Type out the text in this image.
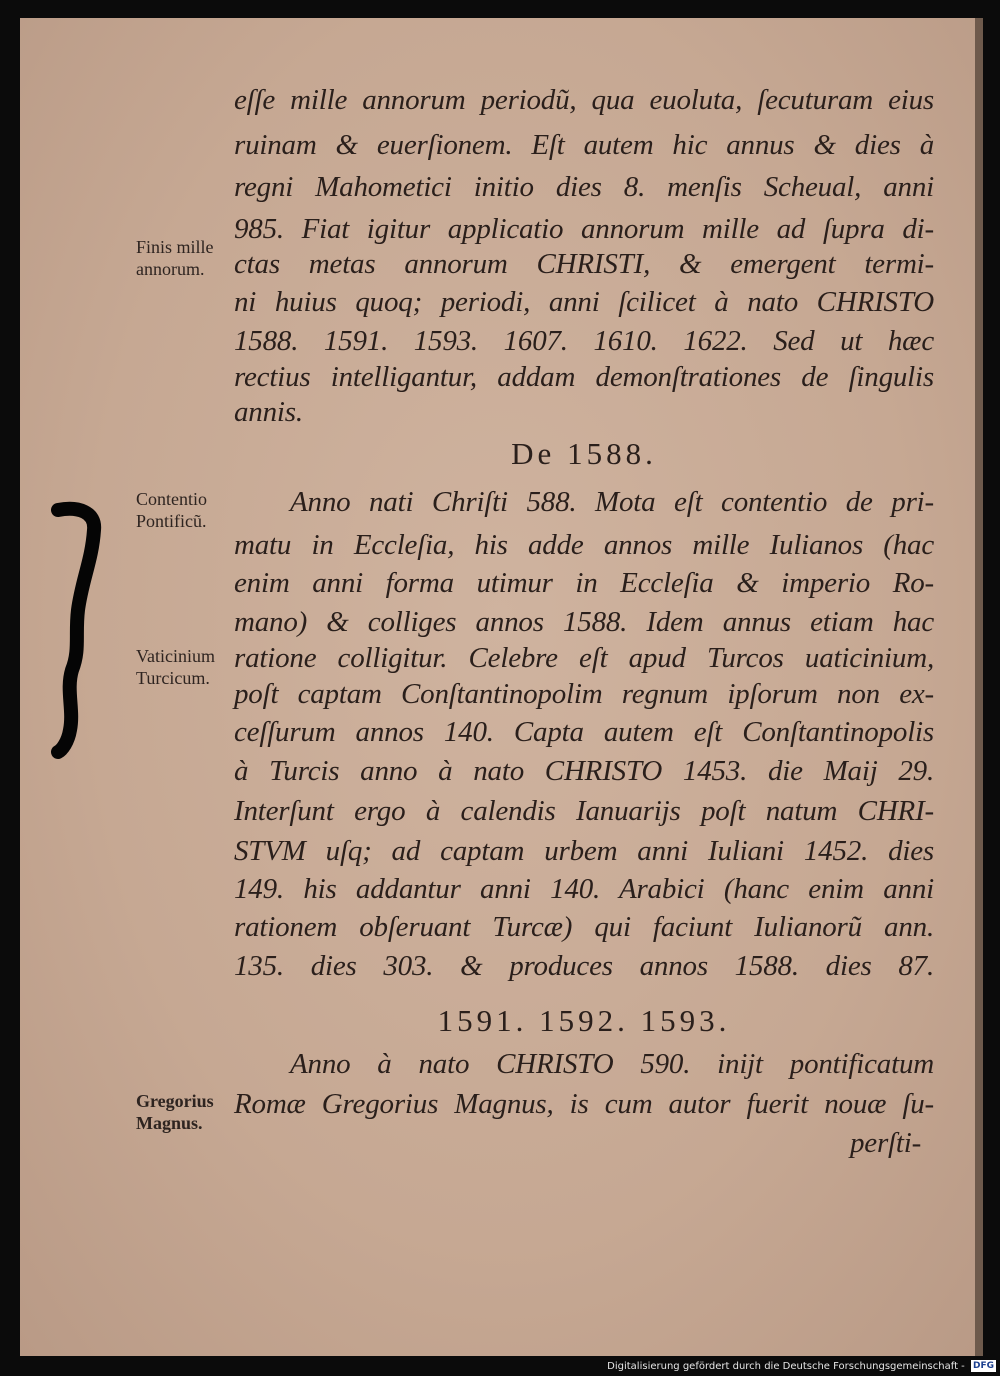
eſſe mille annorum periodũ, qua euoluta, ſecuturam eius
ruinam & euerſionem. Eſt autem hic annus & dies à
regni Mahometici initio dies 8. menſis Scheual, anni
985. Fiat igitur applicatio annorum mille ad ſupra di-
ctas metas annorum CHRISTI, & emergent termi-
ni huius quoq; periodi, anni ſcilicet à nato CHRISTO
1588. 1591. 1593. 1607. 1610. 1622. Sed ut hæc
rectius intelligantur, addam demonſtrationes de ſingulis
annis.
De 1588.
Anno nati Chriſti 588. Mota eſt contentio de pri-
matu in Eccleſia, his adde annos mille Iulianos (hac
enim anni forma utimur in Eccleſia & imperio Ro-
mano) & colliges annos 1588. Idem annus etiam hac
ratione colligitur. Celebre eſt apud Turcos uaticinium,
poſt captam Conſtantinopolim regnum ipſorum non ex-
ceſſurum annos 140. Capta autem eſt Conſtantinopolis
à Turcis anno à nato CHRISTO 1453. die Maij 29.
Interſunt ergo à calendis Ianuarijs poſt natum CHRI-
STVM uſq; ad captam urbem anni Iuliani 1452. dies
149. his addantur anni 140. Arabici (hanc enim anni
rationem obſeruant Turcæ) qui faciunt Iulianorũ ann.
135. dies 303. & produces annos 1588. dies 87.
1591. 1592. 1593.
Anno à nato CHRISTO 590. inijt pontificatum
Romæ Gregorius Magnus, is cum autor fuerit nouæ ſu-
perſti-
Finis mille
annorum.
Contentio
Pontificũ.
Vaticinium
Turcicum.
Gregorius
Magnus.
Digitalisierung gefördert durch die Deutsche Forschungsgemeinschaft - DFG
